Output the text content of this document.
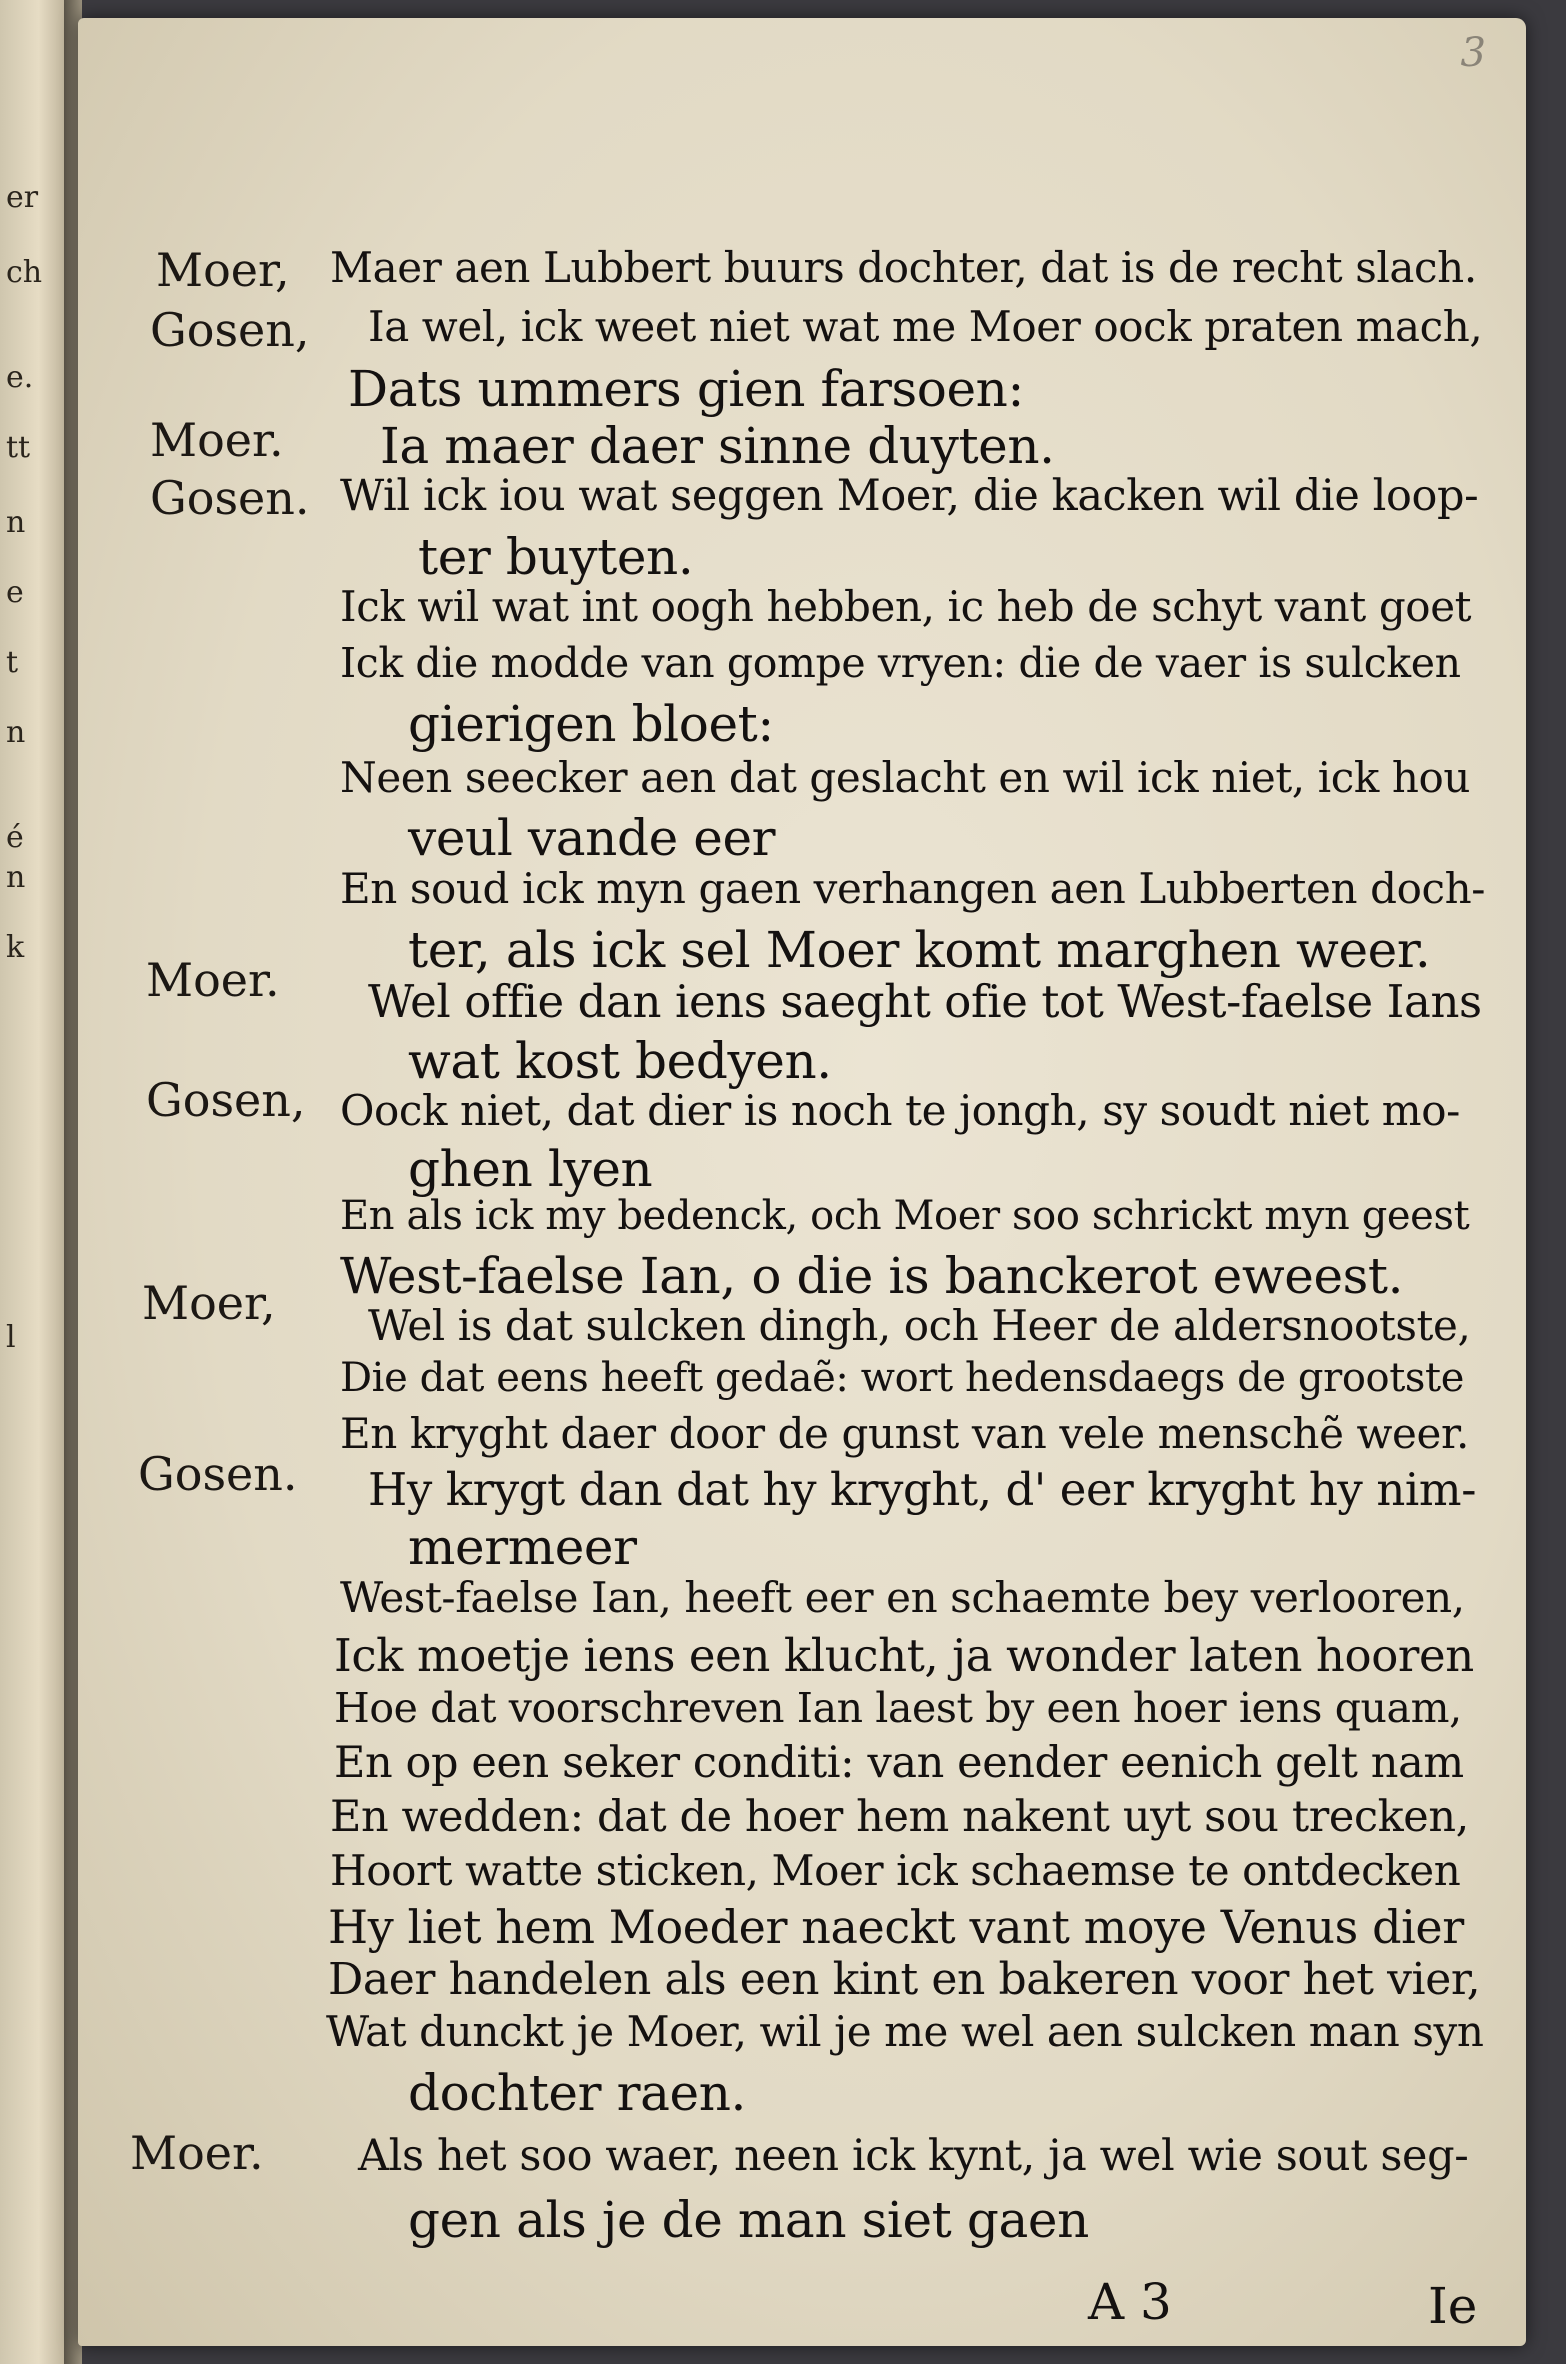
er
ch
e.
tt
n
e
t
n
é
n
k
l
3
Moer,
Gosen,
Moer.
Gosen.
Moer.
Gosen,
Moer,
Gosen.
Moer.
Maer aen Lubbert buurs dochter, dat is de recht slach.
Ia wel, ick weet niet wat me Moer oock praten mach,
Dats ummers gien farsoen:
Ia maer daer sinne duyten.
Wil ick iou wat seggen Moer, die kacken wil die loop-
ter buyten.
Ick wil wat int oogh hebben, ic heb de schyt vant goet
Ick die modde van gompe vryen: die de vaer is sulcken
gierigen bloet:
Neen seecker aen dat geslacht en wil ick niet, ick hou
veul vande eer
En soud ick myn gaen verhangen aen Lubberten doch-
ter, als ick sel Moer komt marghen weer.
Wel offie dan iens saeght ofie tot West-faelse Ians
wat kost bedyen.
Oock niet, dat dier is noch te jongh, sy soudt niet mo-
ghen lyen
En als ick my bedenck, och Moer soo schrickt myn geest
West-faelse Ian, o die is banckerot eweest.
Wel is dat sulcken dingh, och Heer de aldersnootste,
Die dat eens heeft gedaẽ: wort hedensdaegs de grootste
En kryght daer door de gunst van vele menschẽ weer.
Hy krygt dan dat hy kryght, d' eer kryght hy nim-
mermeer
West-faelse Ian, heeft eer en schaemte bey verlooren,
Ick moetje iens een klucht, ja wonder laten hooren
Hoe dat voorschreven Ian laest by een hoer iens quam,
En op een seker conditi: van eender eenich gelt nam
En wedden: dat de hoer hem nakent uyt sou trecken,
Hoort watte sticken, Moer ick schaemse te ontdecken
Hy liet hem Moeder naeckt vant moye Venus dier
Daer handelen als een kint en bakeren voor het vier,
Wat dunckt je Moer, wil je me wel aen sulcken man syn
dochter raen.
Als het soo waer, neen ick kynt, ja wel wie sout seg-
gen als je de man siet gaen
A 3	Ie
